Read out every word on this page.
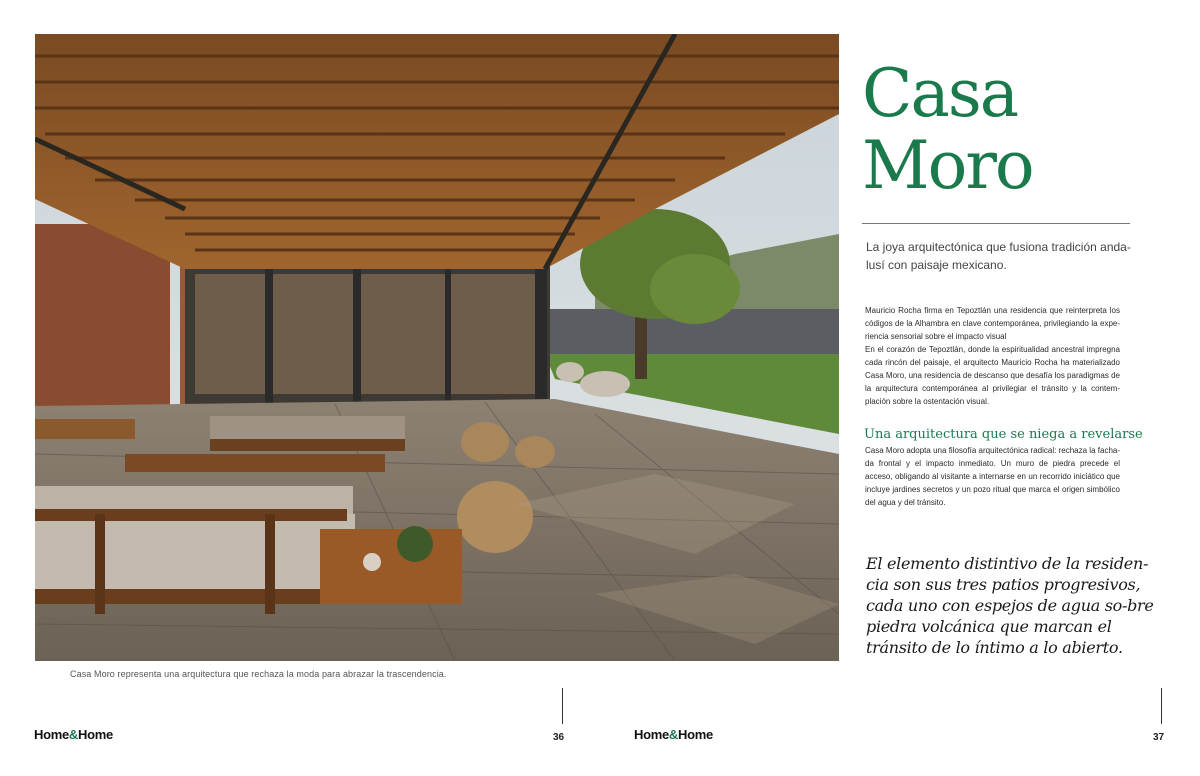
Casa Moro representa una arquitectura que rechaza la moda para abrazar la trascendencia.
Casa
Moro
La joya arquitectónica que fusiona tradición anda-lusí con paisaje mexicano.

Mauricio Rocha firma en Tepoztlán una residencia que reinterpreta los códigos de la Alhambra en clave contemporánea, privilegiando la expe-riencia sensorial sobre el impacto visual

En el corazón de Tepoztlán, donde la espiritualidad ancestral impregna cada rincón del paisaje, el arquitecto Mauricio Rocha ha materializado Casa Moro, una residencia de descanso que desafía los paradigmas de la arquitectura contemporánea al privilegiar el tránsito y la contem-plación sobre la ostentación visual.

Una arquitectura que se niega a revelarse
Casa Moro adopta una filosofía arquitectónica radical: rechaza la facha-da frontal y el impacto inmediato. Un muro de piedra precede el acceso, obligando al visitante a internarse en un recorrido iniciático que incluye jardines secretos y un pozo ritual que marca el origen simbólico del agua y del tránsito.
El elemento distintivo de la residen-cia son sus tres patios progresivos, cada uno con espejos de agua so-bre piedra volcánica que marcan el tránsito de lo íntimo a lo abierto.
Home&Home	Home&Home
36	37
